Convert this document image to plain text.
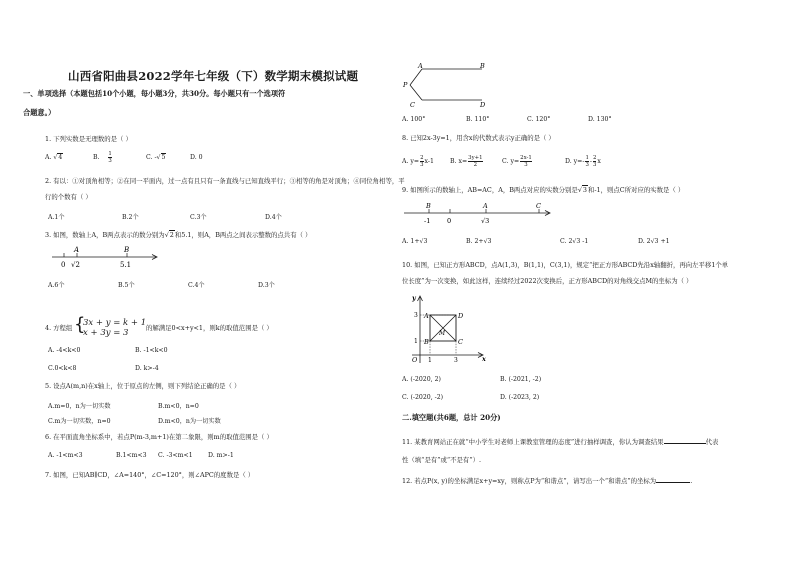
山西省阳曲县2022学年七年级（下）数学期末模拟试题
一、单项选择（本题包括10个小题，每小题3分，共30分。每小题只有一个选项符
合题意。）
1. 下列实数是无理数的是（ ）
A. √4	B. $\frac{1}{3}$	C. -√5	D. 0
2. 有以：①对顶角相等；②在同一平面内，过一点有且只有一条直线与已知直线平行；③相等的角是对顶角；④同位角相等，平
行的个数有（ ）
A.1个	B.2个	C.3个	D.4个
3. 如图，数轴上A，B两点表示的数分别为√2和5.1，则A，B两点之间表示整数的点共有（ ）
A	B
0 √2	5.1
A.6个	B.5个	C.4个	D.3个
4. 方程组 {
3x + y = k + 1
x + 3y = 3	的解满足0<x+y<1，则k的取值范围是（ ）
A. -4<k<0	B. -1<k<0
C.0<k<8	D. k>-4
5. 设点A(m,n)在x轴上，位于原点的左侧，则下列结论正确的是（ ）
A.m=0，n为一切实数	B.m<0，n=0
C.m为一切实数，n=0	D.m<0，n为一切实数
6. 在平面直角坐标系中，若点P(m-3,m+1)在第二象限，则m的取值范围是（ ）
A. -1<m<3	B.1<m<3 C. -3<m<1 D. m>-1
7. 如图，已知AB∥CD，∠A=140°，∠C=120°，则∠APC的度数是（ ）
A	B
P
C	D
A. 100°	B. 110°	C. 120°	D. 130°
8. 已知2x-3y=1，用含x的代数式表示y正确的是（ ）
A. $y= \frac{2}{3} x-1$	B. $x= \frac{3y+1}{2}$	C. $y= \frac{2x-1}{3}$	D. $y=- \frac{1}{3} - \frac{2}{3}$ x
9. 如图所示的数轴上，AB=AC，A，B两点对应的实数分别是√3和-1，则点C所对应的实数是（ ）
B	A	C
-1	0	√3
A. 1+√3	B. 2+√3	C. 2√3 -1	D. 2√3 +1
10. 如图，已知正方形ABCD，点A(1,3)，B(1,1)，C(3,1)，规定“把正方形ABCD先沿x轴翻折，再向左平移1个单
位长度”为一次变换，如此这样，连续经过2022次变换后，正方形ABCD的对角线交点M的坐标为（ ）
y
x
A	D
B	C
M
O 1	3
1
3
A. (-2020, 2)	B. (-2021, -2)
C. (-2020, -2)	D. (-2023, 2)
二.填空题(共6题，总计 20分)
11. 某教育网站正在就“中小学生对老师上课教室管理的态度”进行抽样调查，你认为调查结果	代表
性（填“是有”或“不是有”）.
12. 若点P(x, y)的坐标满足x+y=xy，则称点P为“和谐点”，请写出一个“和谐点”的坐标为	.
